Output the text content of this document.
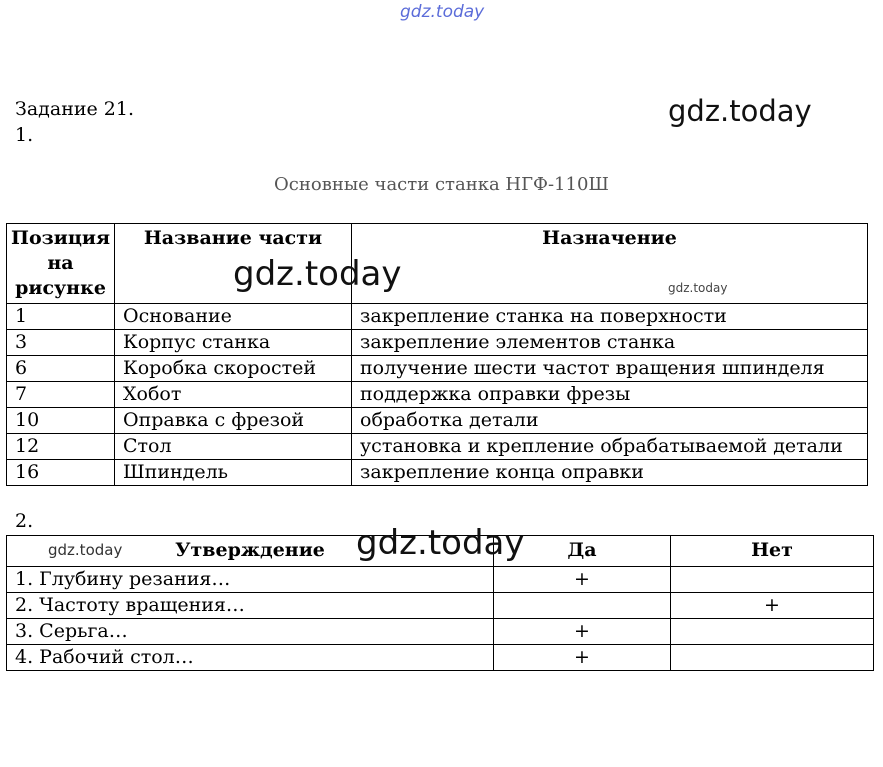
gdz.today
gdz.today
Задание 21.
1.
Основные части станка НГФ-110Ш
Позиция на рисунке	Название части	Назначение
1	Основание	закрепление станка на поверхности
3	Корпус станка	закрепление элементов станка
6	Коробка скоростей	получение шести частот вращения шпинделя
7	Хобот	поддержка оправки фрезы
10	Оправка с фрезой	обработка детали
12	Стол	установка и крепление обрабатываемой детали
16	Шпиндель	закрепление конца оправки
gdz.today	gdz.today
2.
Утверждение	Да	Нет
1. Глубину резания…	+	
2. Частоту вращения…		+
3. Серьга…	+	
4. Рабочий стол…	+	
gdz.today	gdz.today
